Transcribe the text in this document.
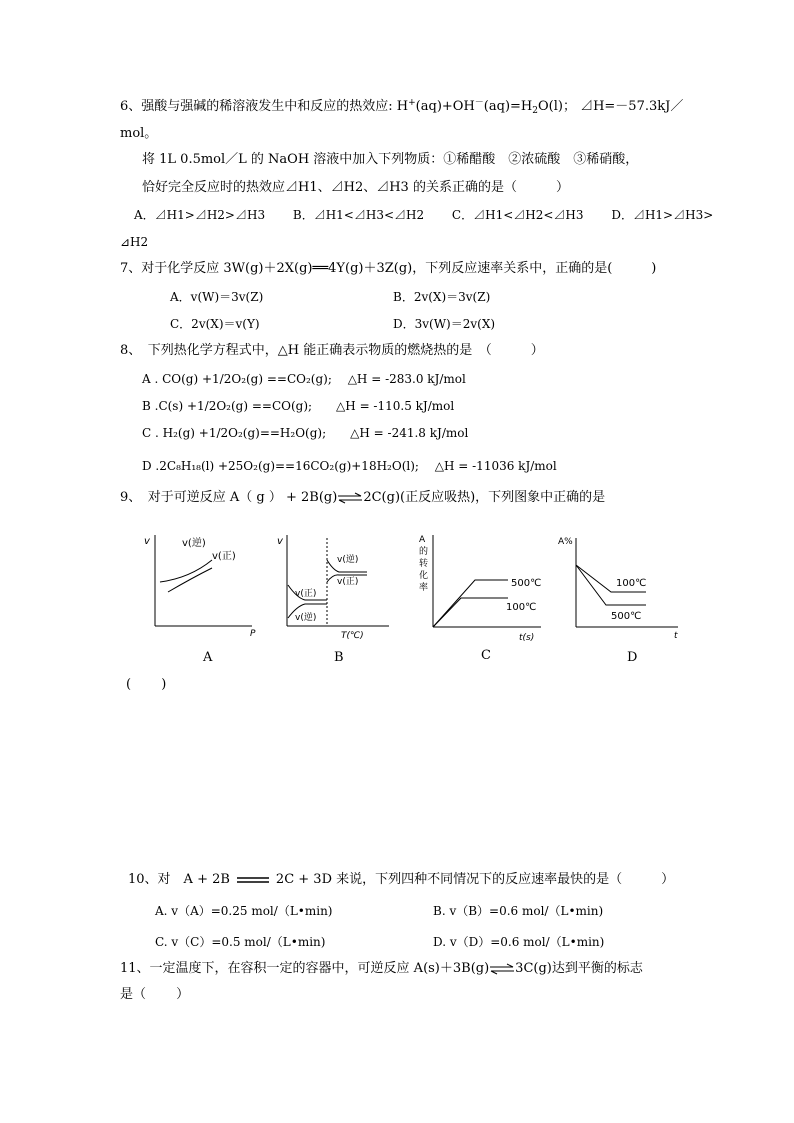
6、强酸与强碱的稀溶液发生中和反应的热效应: $H^+(aq)+OH^-(aq)=H_2O(l)$； ⊿H=－57.3kJ／
mol。
将 1L 0.5mol／L 的 NaOH 溶液中加入下列物质：①稀醋酸　②浓硫酸　③稀硝酸，
恰好完全反应时的热效应⊿H1、⊿H2、⊿H3 的关系正确的是（　　　）
A．⊿H1>⊿H2>⊿H3　　 B．⊿H1<⊿H3<⊿H2　　 C．⊿H1<⊿H2<⊿H3　　 D．⊿H1>⊿H3>
⊿H2
7、对于化学反应 3W(g)＋2X(g)══4Y(g)＋3Z(g)，下列反应速率关系中，正确的是(　　　)
A．v(W)＝3v(Z)	B．2v(X)＝3v(Z)
C．2v(X)＝v(Y)	D．3v(W)＝2v(X)
8、　下列热化学方程式中，△H 能正确表示物质的燃烧热的是　（　　　）
A . CO(g) +1/2O₂(g) ==CO₂(g);　 △H = -283.0 kJ/mol
B .C(s) +1/2O₂(g) ==CO(g);　　△H = -110.5 kJ/mol
C . H₂(g) +1/2O₂(g)==H₂O(g);　　△H = -241.8 kJ/mol
D .2C₈H₁₈(l) +25O₂(g)==16CO₂(g)+18H₂O(l);　 △H = -11036 kJ/mol
9、　对于可逆反应 A（ g ） + 2B(g)⇌2C(g)(正反应吸热)，下列图象中正确的是
v
P
v(逆)
v(正)
A
v
T(℃)
v(逆)
v(正)
v(正)
v(逆)
B
A
的
转
化
率
t(s)
500℃
100℃
C
A%
t
100℃
500℃
D
(　　 )
10、对　A + 2B	2C + 3D 来说，下列四种不同情况下的反应速率最快的是（　　　）
A. v（A）=0.25 mol/（L•min)	B. v（B）=0.6 mol/（L•min)
C. v（C）=0.5 mol/（L•min)	D. v（D）=0.6 mol/（L•min)
11、一定温度下，在容积一定的容器中，可逆反应 A(s)＋3B(g)⇌3C(g)达到平衡的标志
是（　　 ）
